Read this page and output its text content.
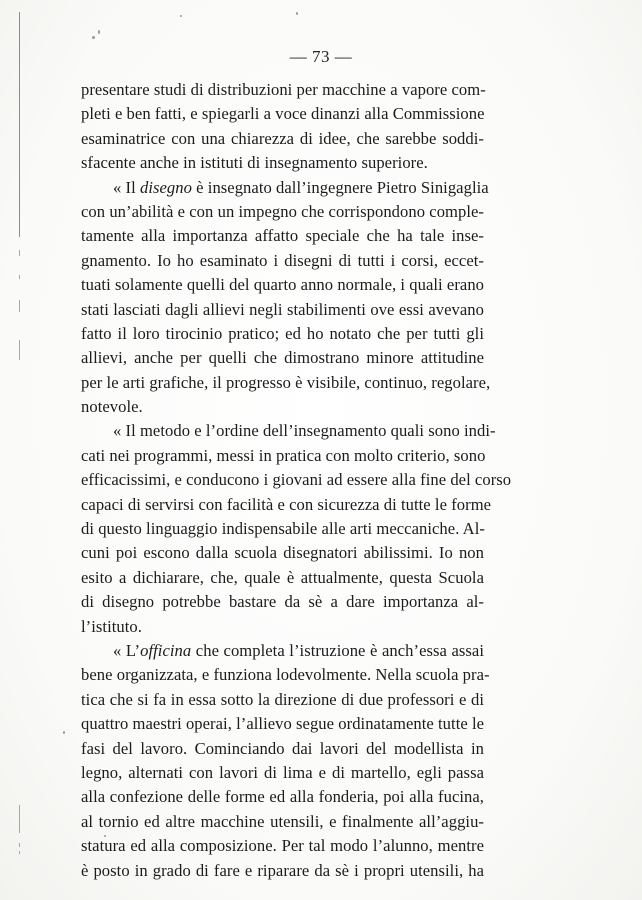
— 73 —
presentare studi di distribuzioni per macchine a vapore com-
pleti e ben fatti, e spiegarli a voce dinanzi alla Commissione
esaminatrice con una chiarezza di idee, che sarebbe soddi-
sfacente anche in istituti di insegnamento superiore.
« Il disegno è insegnato dall’ingegnere Pietro Sinigaglia
con un’abilità e con un impegno che corrispondono comple-
tamente alla importanza affatto speciale che ha tale inse-
gnamento. Io ho esaminato i disegni di tutti i corsi, eccet-
tuati solamente quelli del quarto anno normale, i quali erano
stati lasciati dagli allievi negli stabilimenti ove essi avevano
fatto il loro tirocinio pratico; ed ho notato che per tutti gli
allievi, anche per quelli che dimostrano minore attitudine
per le arti grafiche, il progresso è visibile, continuo, regolare,
notevole.
« Il metodo e l’ordine dell’insegnamento quali sono indi-
cati nei programmi, messi in pratica con molto criterio, sono
efficacissimi, e conducono i giovani ad essere alla fine del corso
capaci di servirsi con facilità e con sicurezza di tutte le forme
di questo linguaggio indispensabile alle arti meccaniche. Al-
cuni poi escono dalla scuola disegnatori abilissimi. Io non
esito a dichiarare, che, quale è attualmente, questa Scuola
di disegno potrebbe bastare da sè a dare importanza al-
l’istituto.
« L’officina che completa l’istruzione è anch’essa assai
bene organizzata, e funziona lodevolmente. Nella scuola pra-
tica che si fa in essa sotto la direzione di due professori e di
quattro maestri operai, l’allievo segue ordinatamente tutte le
fasi del lavoro. Cominciando dai lavori del modellista in
legno, alternati con lavori di lima e di martello, egli passa
alla confezione delle forme ed alla fonderia, poi alla fucina,
al tornio ed altre macchine utensili, e finalmente all’aggiu-
statura ed alla composizione. Per tal modo l’alunno, mentre
è posto in grado di fare e riparare da sè i propri utensili, ha
